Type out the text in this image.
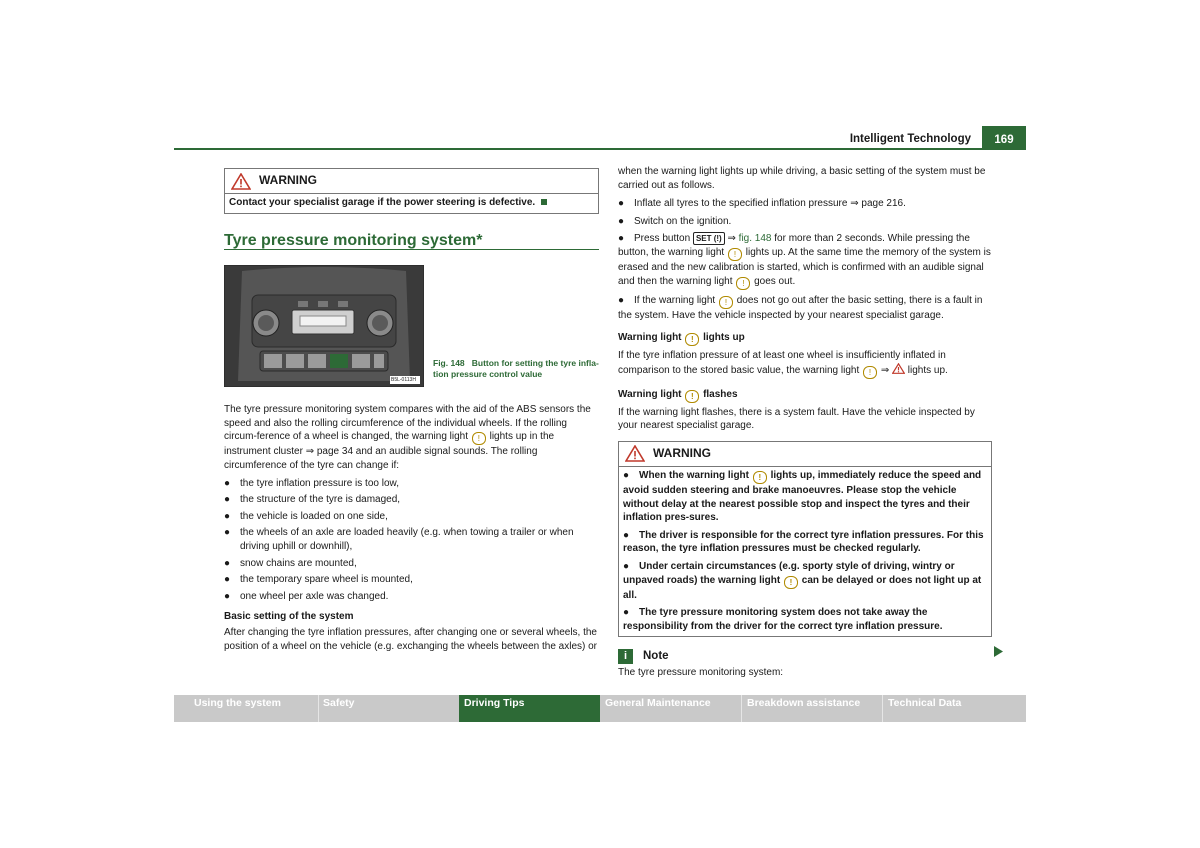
Intelligent Technology	169
WARNING
Contact your specialist garage if the power steering is defective.
Tyre pressure monitoring system*
B5L-0113H
Fig. 148 Button for setting the tyre infla-tion pressure control value

The tyre pressure monitoring system compares with the aid of the ABS sensors the speed and also the rolling circumference of the individual wheels. If the rolling circum-ference of a wheel is changed, the warning light ! lights up in the instrument cluster ⇒ page 34 and an audible signal sounds. The rolling circumference of the tyre can change if:

● the tyre inflation pressure is too low,
● the structure of the tyre is damaged,
● the vehicle is loaded on one side,
● the wheels of an axle are loaded heavily (e.g. when towing a trailer or when driving uphill or downhill),
● snow chains are mounted,
● the temporary spare wheel is mounted,
● one wheel per axle was changed.

Basic setting of the system

After changing the tyre inflation pressures, after changing one or several wheels, the position of a wheel on the vehicle (e.g. exchanging the wheels between the axles) or

when the warning light lights up while driving, a basic setting of the system must be carried out as follows.

● Inflate all tyres to the specified inflation pressure ⇒ page 216.
● Switch on the ignition.

● Press button SET (!) ⇒ fig. 148 for more than 2 seconds. While pressing the button, the warning light ! lights up. At the same time the memory of the system is erased and the new calibration is started, which is confirmed with an audible signal and then the warning light ! goes out.

● If the warning light ! does not go out after the basic setting, there is a fault in the system. Have the vehicle inspected by your nearest specialist garage.

Warning light ! lights up

If the tyre inflation pressure of at least one wheel is insufficiently inflated in comparison to the stored basic value, the warning light ! ⇒ lights up.

Warning light ! flashes

If the warning light flashes, there is a system fault. Have the vehicle inspected by your nearest specialist garage.

WARNING

● When the warning light ! lights up, immediately reduce the speed and avoid sudden steering and brake manoeuvres. Please stop the vehicle without delay at the nearest possible stop and inspect the tyres and their inflation pres-sures.

● The driver is responsible for the correct tyre inflation pressures. For this reason, the tyre inflation pressures must be checked regularly.

● Under certain circumstances (e.g. sporty style of driving, wintry or unpaved roads) the warning light ! can be delayed or does not light up at all.

● The tyre pressure monitoring system does not take away the responsibility from the driver for the correct tyre inflation pressure.

i	Note

The tyre pressure monitoring system:

Using the system	Safety	Driving Tips	General Maintenance	Breakdown assistance	Technical Data
